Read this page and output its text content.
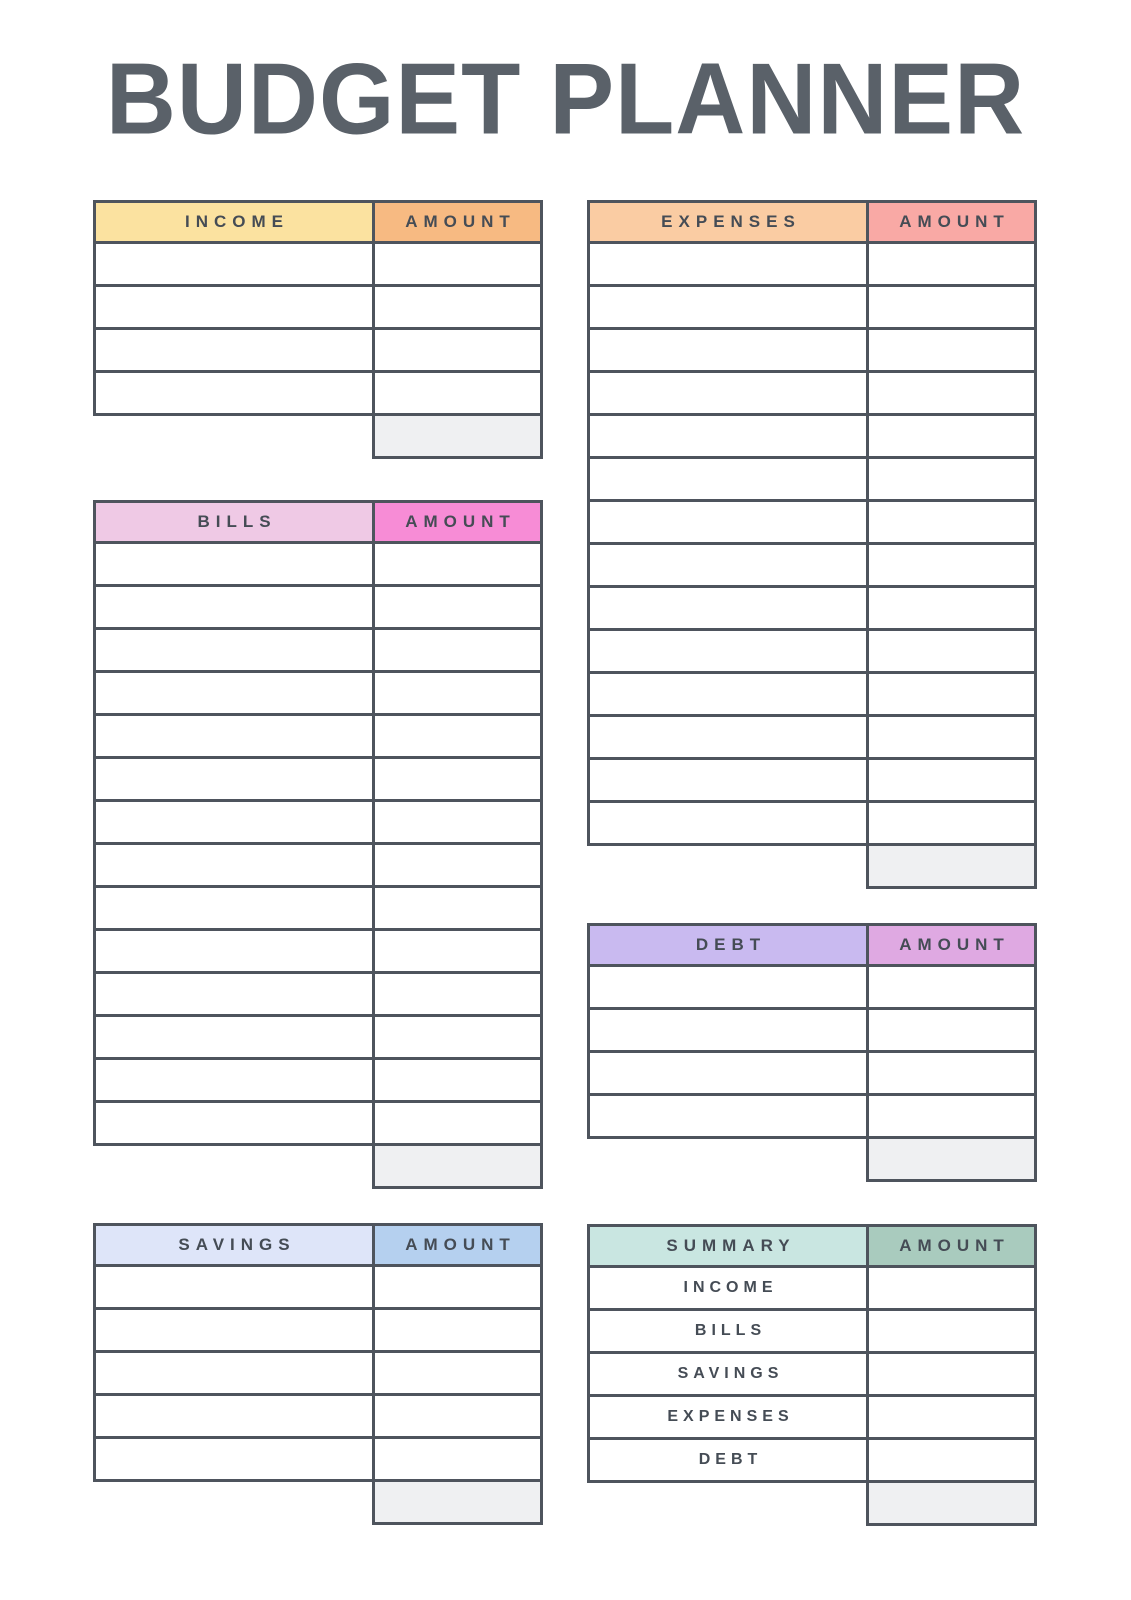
BUDGET PLANNER
INCOME	AMOUNT
BILLS	AMOUNT
SAVINGS	AMOUNT
EXPENSES	AMOUNT
DEBT	AMOUNT
SUMMARY	AMOUNT
INCOME
BILLS
SAVINGS
EXPENSES
DEBT
